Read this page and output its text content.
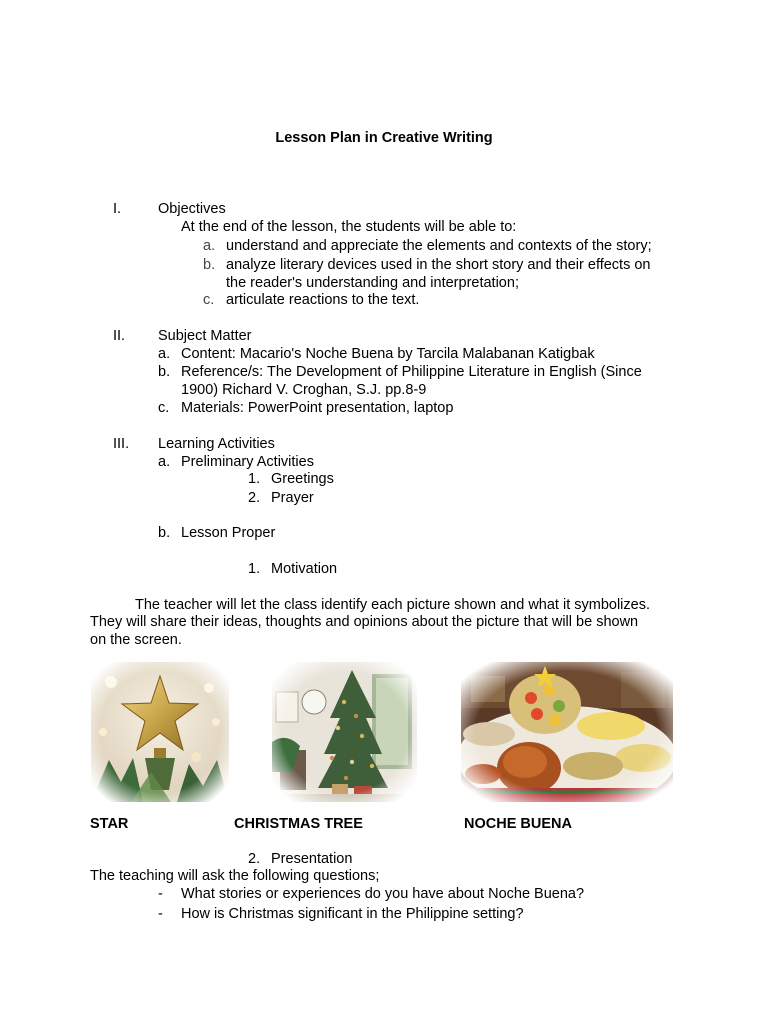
Lesson Plan in Creative Writing
I.	Objectives
At the end of the lesson, the students will be able to:
a. understand and appreciate the elements and contexts of the story;
b. analyze literary devices used in the short story and their effects on
the reader's understanding and interpretation;
c. articulate reactions to the text.
II. Subject Matter
a. Content: Macario's Noche Buena by Tarcila Malabanan Katigbak
b. Reference/s: The Development of Philippine Literature in English (Since
1900) Richard V. Croghan, S.J. pp.8-9
c. Materials: PowerPoint presentation, laptop
III. Learning Activities
a. Preliminary Activities
1. Greetings
2. Prayer
b. Lesson Proper
1. Motivation
The teacher will let the class identify each picture shown and what it symbolizes.
They will share their ideas, thoughts and opinions about the picture that will be shown
on the screen.
STAR	CHRISTMAS TREE	NOCHE BUENA
2. Presentation
The teaching will ask the following questions;
- What stories or experiences do you have about Noche Buena?
- How is Christmas significant in the Philippine setting?
